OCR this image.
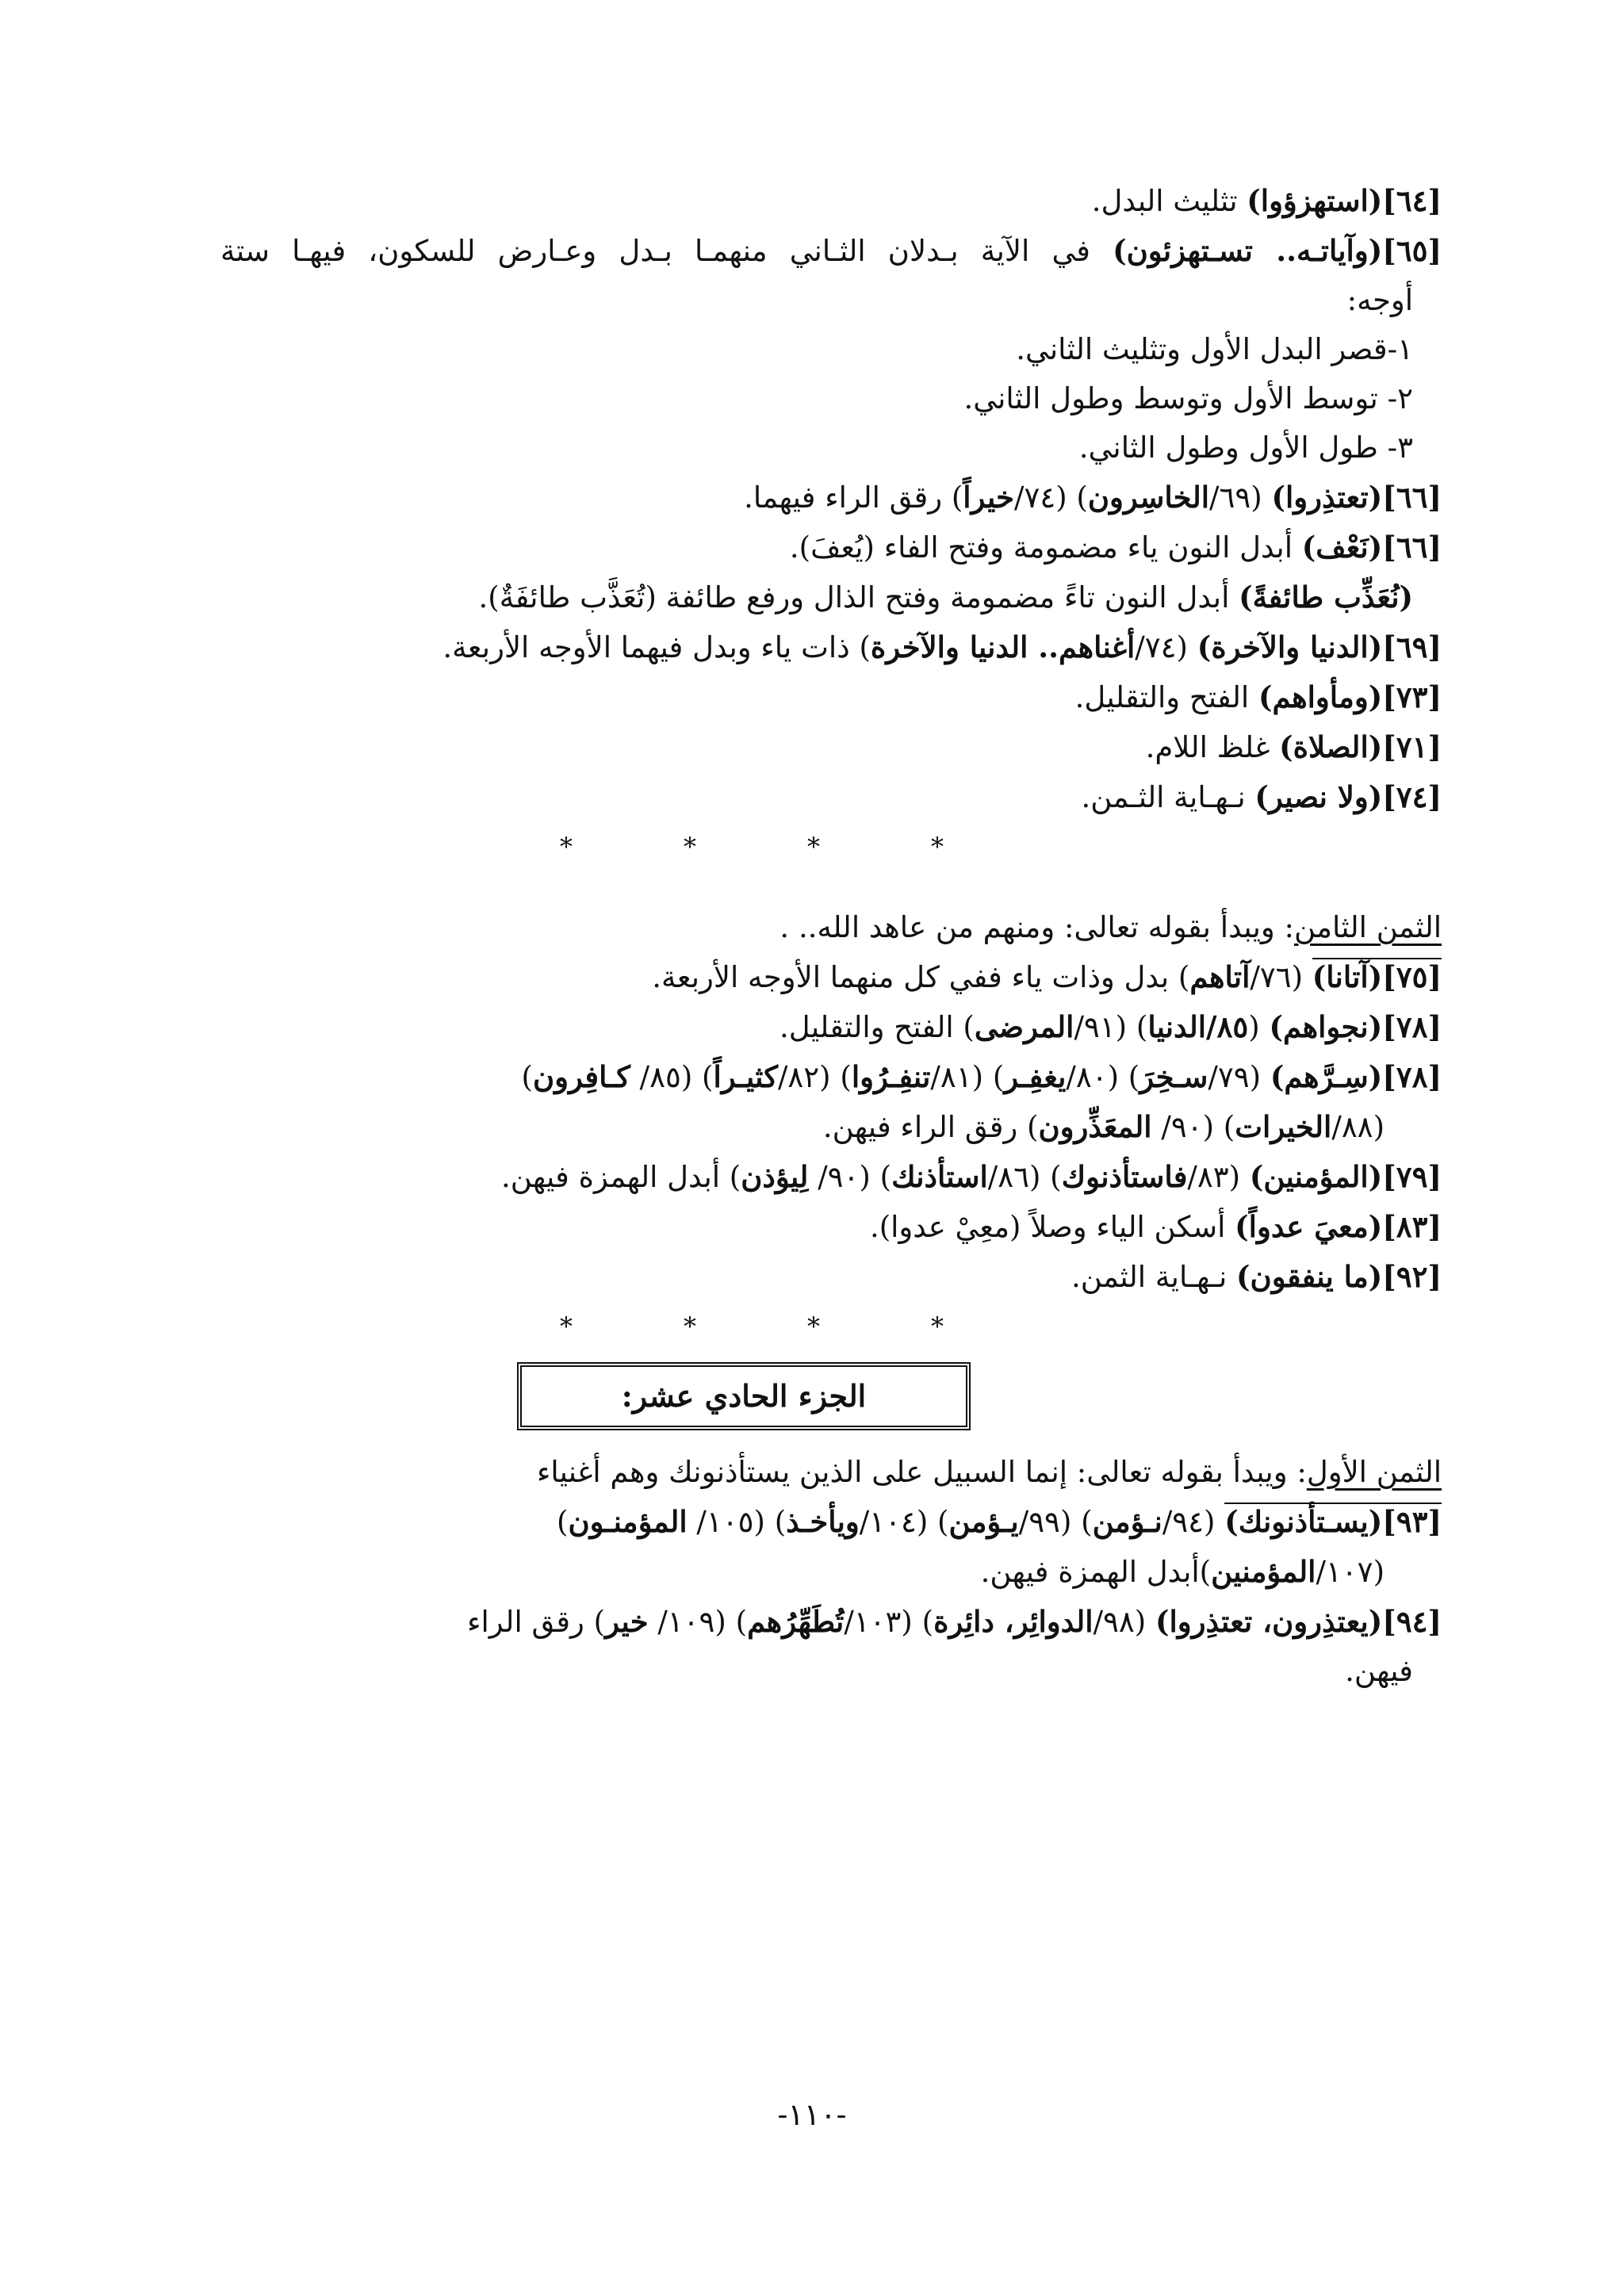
[٦٤](استهزؤوا) تثليث البدل.
[٦٥](وآياتـه.. تسـتهزئون) في الآية بـدلان الثـاني منهمـا بـدل وعـارض للسكون، فيهـا ستة
أوجه:
١-قصر البدل الأول وتثليث الثاني.
٢- توسط الأول وتوسط وطول الثاني.
٣- طول الأول وطول الثاني.
[٦٦](تعتذِروا) (٦٩/الخاسِرون) (٧٤/خيراً) رقق الراء فيهما.
[٦٦](نَعْف) أبدل النون ياء مضمومة وفتح الفاء (يُعفَ).
(نُعَذِّب طائفةً) أبدل النون تاءً مضمومة وفتح الذال ورفع طائفة (تُعَذَّب طائفَةٌ).
[٦٩](الدنيا والآخرة) (٧٤/أغناهم.. الدنيا والآخرة) ذات ياء وبدل فيهما الأوجه الأربعة.
[٧٣](ومأواهم) الفتح والتقليل.
[٧١](الصلاة) غلظ اللام.
[٧٤](ولا نصير) نـهـاية الثـمن.
*	*	*	*
الثمن الثامن: ويبدأ بقوله تعالى: ومنهم من عاهد الله.. .
[٧٥](آتانا) (٧٦/آتاهم) بدل وذات ياء ففي كل منهما الأوجه الأربعة.
[٧٨](نجواهم) (٨٥/الدنيا) (٩١/المرضى) الفتح والتقليل.
[٧٨](سِـرَّهم) (٧٩/سـخِرَ) (٨٠/يغفِـر) (٨١/تنفِـرُوا) (٨٢/كثيـراً) (٨٥/ كـافِرون)
(٨٨/الخيرات) (٩٠/ المعَذِّرون) رقق الراء فيهن.
[٧٩](المؤمنين) (٨٣/فاستأذنوك) (٨٦/استأذنك) (٩٠/ لِيؤذن) أبدل الهمزة فيهن.
[٨٣](معيَ عدواً) أسكن الياء وصلاً (معِيْ عدوا).
[٩٢](ما ينفقون) نـهـاية الثمن.
*	*	*	*
الجزء الحادي عشر:
الثمن الأول: ويبدأ بقوله تعالى: إنما السبيل على الذين يستأذنونك وهم أغنياء
[٩٣](يسـتأذنونك) (٩٤/نـؤمن) (٩٩/يـؤمن) (١٠٤/ويأخـذ) (١٠٥/ المؤمنـون)
(١٠٧/المؤمنين)أبدل الهمزة فيهن.
[٩٤](يعتذِرون، تعتذِروا) (٩٨/الدوائِر، دائِرة) (١٠٣/تُطَهِّرُهم) (١٠٩/ خير) رقق الراء
فيهن.
-١١٠-
